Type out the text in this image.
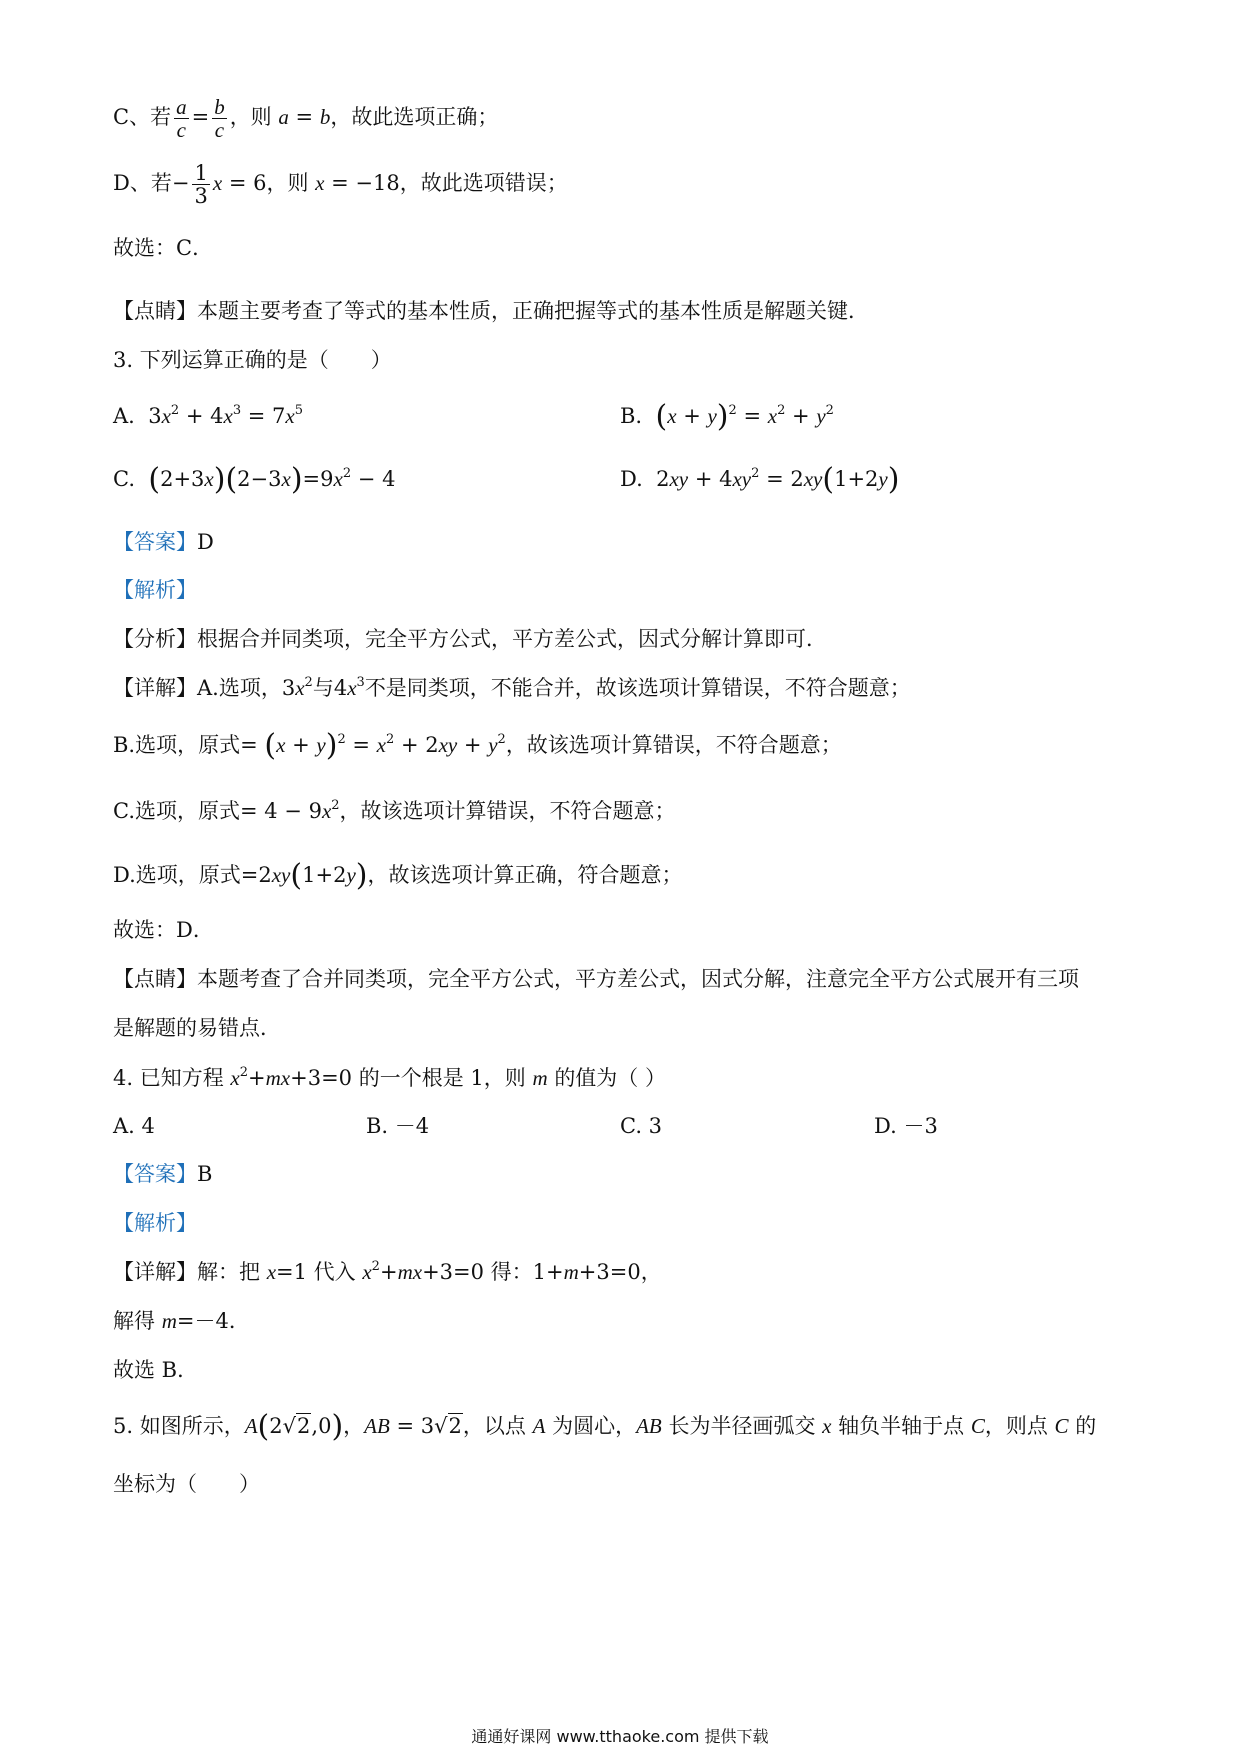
C、若 $\frac{a}{c} = \frac{b}{c}$ ，则 a = b，故此选项正确；
D、若− $\frac{1}{3}$ x = 6，则 x = −18，故此选项错误；
故选：C．
【点睛】本题主要考查了等式的基本性质，正确把握等式的基本性质是解题关键．
3. 下列运算正确的是（　　）
A.  $3x^2 + 4x^3 = 7x^5$	B. $(x + y)^2 = x^2 + y^2$
C. $(2+3x)(2-3x)=9x^2 - 4$	D.  $2xy + 4xy^2 = 2xy(1+2y)$
【答案】D
【解析】
【分析】根据合并同类项，完全平方公式，平方差公式，因式分解计算即可．
【详解】A.选项，$3x^2$与$4x^3$不是同类项，不能合并，故该选项计算错误，不符合题意；
B.选项，原式= $(x + y)^2 = x^2 + 2xy + y^2$，故该选项计算错误，不符合题意；
C.选项，原式= $4 - 9x^2$，故该选项计算错误，不符合题意；
D.选项，原式=2xy(1+2y)，故该选项计算正确，符合题意；
故选：D．
【点睛】本题考查了合并同类项，完全平方公式，平方差公式，因式分解，注意完全平方公式展开有三项
是解题的易错点．
4. 已知方程 $x^2+mx+3=0$ 的一个根是 1，则 m 的值为（ ）
A. 4	B. －4	C. 3	D. －3
【答案】B
【解析】
【详解】解：把 x=1 代入 $x^2+mx+3=0$ 得：1+m+3=0，
解得 m=－4．
故选 B．
5. 如图所示，A(2√2,0)，AB = 3√2，以点 A 为圆心，AB 长为半径画弧交 x 轴负半轴于点 C，则点 C 的
坐标为（　　）
通通好课网 www.tthaoke.com 提供下载
